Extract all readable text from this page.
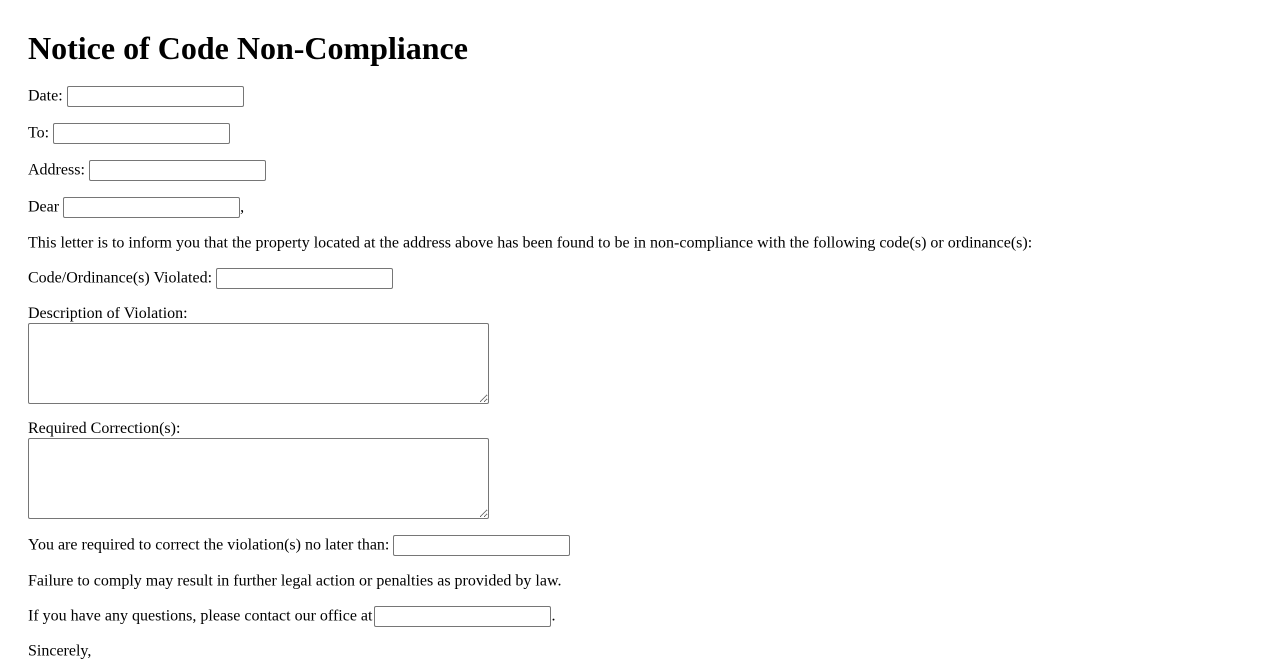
Notice of Code Non-Compliance
Date:
To:
Address:
Dear	,
This letter is to inform you that the property located at the address above has been found to be in non-compliance with the following code(s) or ordinance(s):
Code/Ordinance(s) Violated:
Description of Violation:
Required Correction(s):
You are required to correct the violation(s) no later than:
Failure to comply may result in further legal action or penalties as provided by law.
If you have any questions, please contact our office at	.
Sincerely,
